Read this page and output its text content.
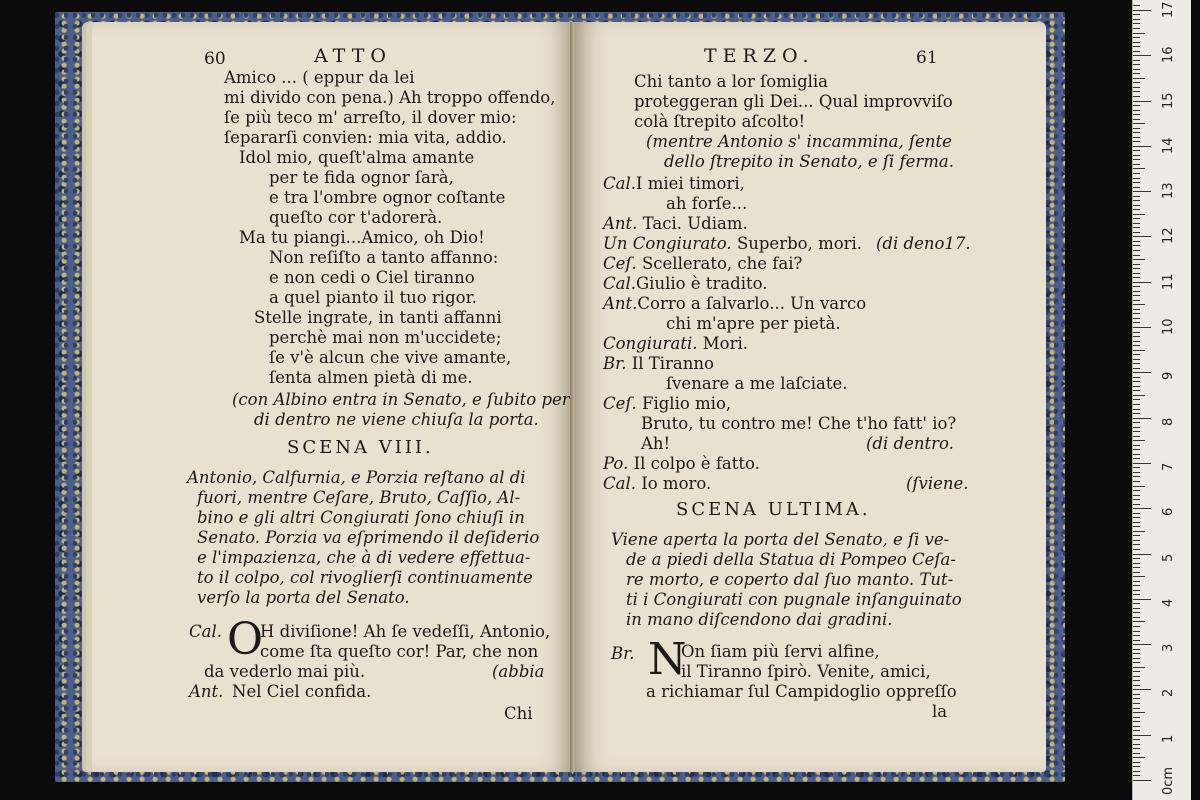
60	ATTO
Amico ... ( eppur da lei
mi divido con pena.) Ah troppo offendo,
ſe più teco m' arreſto, il dover mio:
ſepararſi convien: mia vita, addio.
Idol mio, queſt'alma amante
per te fida ognor ſarà,
e tra l'ombre ognor coſtante
queſto cor t'adorerà.
Ma tu piangi...Amico, oh Dio!
Non reſiſto a tanto affanno:
e non cedi o Ciel tiranno
a quel pianto il tuo rigor.
Stelle ingrate, in tanti affanni
perchè mai non m'uccidete;
ſe v'è alcun che vive amante,
ſenta almen pietà di me.
(con Albino entra in Senato, e ſubito per
di dentro ne viene chiuſa la porta.
SCENA VIII.
Antonio, Calfurnia, e Porzia reſtano al di
fuori, mentre Ceſare, Bruto, Caſſio, Al-
bino e gli altri Congiurati ſono chiuſi in
Senato. Porzia va eſprimendo il deſiderio
e l'impazienza, che à di vedere effettua-
to il colpo, col rivoglierſi continuamente
verſo la porta del Senato.
Cal. O
H diviſione! Ah ſe vedeſſi, Antonio,
come ſta queſto cor! Par, che non
da vederlo mai più.	(abbia
Ant. Nel Ciel confida.
Chi
TERZO.	61
Chi tanto a lor ſomiglia
proteggeran gli Dei... Qual improvviſo
colà ſtrepito aſcolto!
(mentre Antonio s' incammina, ſente
dello ſtrepito in Senato, e ſi ferma.
Cal.I miei timori,
ah forſe...
Ant. Taci. Udiam.
Un Congiurato. Superbo, mori. (di deno17.
Ceſ. Scellerato, che fai?
Cal.Giulio è tradito.
Ant.Corro a ſalvarlo... Un varco
chi m'apre per pietà.
Congiurati. Mori.
Br. Il Tiranno
ſvenare a me laſciate.
Ceſ. Figlio mio,
Bruto, tu contro me! Che t'ho fatt' io?
Ah!	(di dentro.
Po. Il colpo è fatto.
Cal. Io moro.	(ſviene.
SCENA ULTIMA.
Viene aperta la porta del Senato, e ſi ve-
de a piedi della Statua di Pompeo Ceſa-
re morto, e coperto dal ſuo manto. Tut-
ti i Congiurati con pugnale inſanguinato
in mano diſcendono dai gradini.
Br. N
On ſiam più ſervi alfine,
il Tiranno ſpirò. Venite, amici,
a richiamar ſul Campidoglio oppreſſo
la
0cm
1
2
3
4
5
6
7
8
9
10
11
12
13
14
15
16
17
